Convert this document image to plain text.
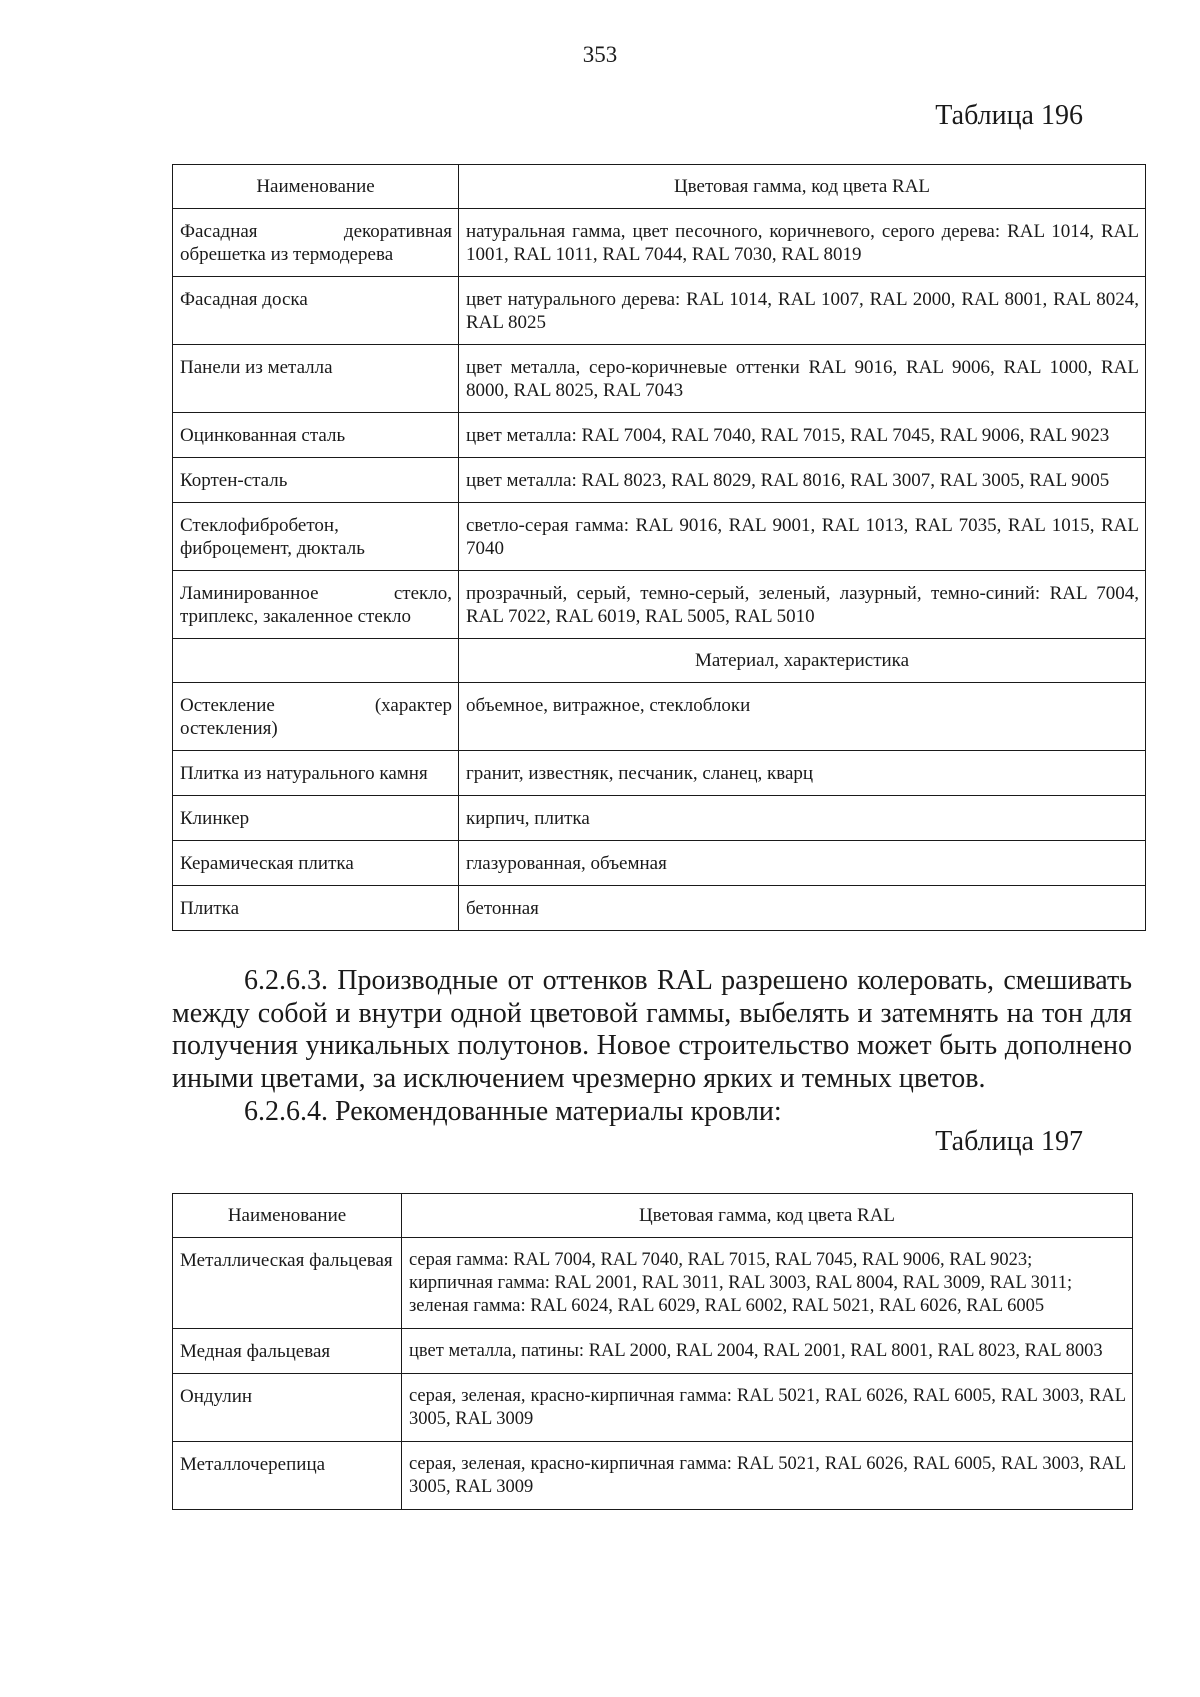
353
Таблица 196
Наименование	Цветовая гамма, код цвета RAL
Фасадная декоративная обрешетка из термодерева	натуральная гамма, цвет песочного, коричневого, серого дерева: RAL 1014, RAL 1001, RAL 1011, RAL 7044, RAL 7030, RAL 8019
Фасадная доска	цвет натурального дерева: RAL 1014, RAL 1007, RAL 2000, RAL 8001, RAL 8024, RAL 8025
Панели из металла	цвет металла, серо-коричневые оттенки RAL 9016, RAL 9006, RAL 1000, RAL 8000, RAL 8025, RAL 7043
Оцинкованная сталь	цвет металла: RAL 7004, RAL 7040, RAL 7015, RAL 7045, RAL 9006, RAL 9023
Кортен-сталь	цвет металла: RAL 8023, RAL 8029, RAL 8016, RAL 3007, RAL 3005, RAL 9005
Стеклофибробетон, фиброцемент, дюкталь	светло-серая гамма: RAL 9016, RAL 9001, RAL 1013, RAL 7035, RAL 1015, RAL 7040
Ламинированное стекло, триплекс, закаленное стекло	прозрачный, серый, темно-серый, зеленый, лазурный, темно-синий: RAL 7004, RAL 7022, RAL 6019, RAL 5005, RAL 5010
	Материал, характеристика
Остекление (характер остекления)	объемное, витражное, стеклоблоки
Плитка из натурального камня	гранит, известняк, песчаник, сланец, кварц
Клинкер	кирпич, плитка
Керамическая плитка	глазурованная, объемная
Плитка	бетонная
6.2.6.3. Производные от оттенков RAL разрешено колеровать, смешивать между собой и внутри одной цветовой гаммы, выбелять и затемнять на тон для получения уникальных полутонов. Новое строительство может быть дополнено иными цветами, за исключением чрезмерно ярких и темных цветов.
6.2.6.4. Рекомендованные материалы кровли:
Таблица 197
Наименование	Цветовая гамма, код цвета RAL
Металлическая фальцевая	серая гамма: RAL 7004, RAL 7040, RAL 7015, RAL 7045, RAL 9006, RAL 9023;
кирпичная гамма: RAL 2001, RAL 3011, RAL 3003, RAL 8004, RAL 3009, RAL 3011;
зеленая гамма: RAL 6024, RAL 6029, RAL 6002, RAL 5021, RAL 6026, RAL 6005

Медная фальцевая	цвет металла, патины: RAL 2000, RAL 2004, RAL 2001, RAL 8001, RAL 8023, RAL 8003
Ондулин	серая, зеленая, красно-кирпичная гамма: RAL 5021, RAL 6026, RAL 6005, RAL 3003, RAL 3005, RAL 3009
Металлочерепица	серая, зеленая, красно-кирпичная гамма: RAL 5021, RAL 6026, RAL 6005, RAL 3003, RAL 3005, RAL 3009
